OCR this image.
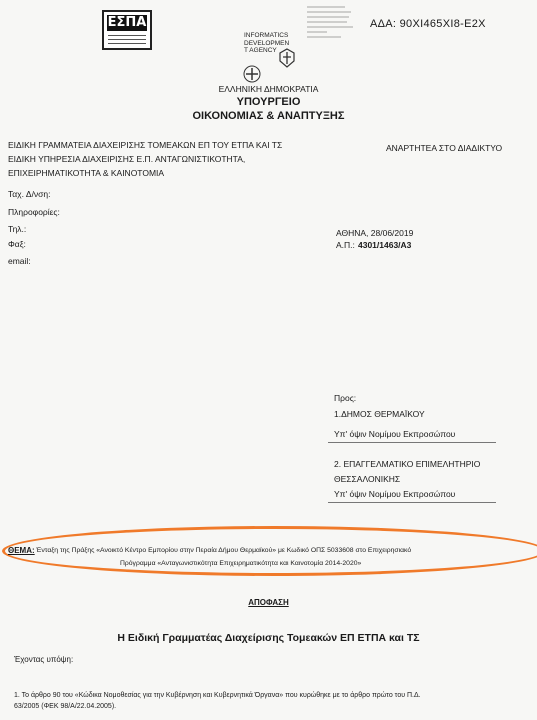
ΕΣΠΑ
INFORMATICS
DEVELOPMEN
T AGENCY
ΑΔΑ: 90ΧΙ465ΧΙ8-Ε2Χ
ΕΛΛΗΝΙΚΗ ΔΗΜΟΚΡΑΤΙΑ
ΥΠΟΥΡΓΕΙΟ
ΟΙΚΟΝΟΜΙΑΣ & ΑΝΑΠΤΥΞΗΣ
ΕΙΔΙΚΗ ΓΡΑΜΜΑΤΕΙΑ ΔΙΑΧΕΙΡΙΣΗΣ ΤΟΜΕΑΚΩΝ ΕΠ ΤΟΥ ΕΤΠΑ ΚΑΙ ΤΣ
ΕΙΔΙΚΗ ΥΠΗΡΕΣΙΑ ΔΙΑΧΕΙΡΙΣΗΣ Ε.Π. ΑΝΤΑΓΩΝΙΣΤΙΚΟΤΗΤΑ,
ΕΠΙΧΕΙΡΗΜΑΤΙΚΟΤΗΤΑ & ΚΑΙΝΟΤΟΜΙΑ
ΑΝΑΡΤΗΤΕΑ ΣΤΟ ΔΙΑΔΙΚΤΥΟ
Ταχ. Δ/νση:
Πληροφορίες:
Τηλ.:
Φαξ:
email:
ΑΘΗΝΑ, 28/06/2019
Α.Π.: 4301/1463/Α3
Προς:
1.ΔΗΜΟΣ ΘΕΡΜΑΪΚΟΥ
Υπ' όψιν Νομίμου Εκπροσώπου
2. ΕΠΑΓΓΕΛΜΑΤΙΚΟ ΕΠΙΜΕΛΗΤΗΡΙΟ
ΘΕΣΣΑΛΟΝΙΚΗΣ
Υπ' όψιν Νομίμου Εκπροσώπου
ΘΕΜΑ: Ένταξη της Πράξης «Ανοικτό Κέντρο Εμπορίου στην Περαία Δήμου Θερμαϊκού» με Κωδικό ΟΠΣ 5033608 στο Επιχειρησιακό
Πρόγραμμα «Ανταγωνιστικότητα Επιχειρηματικότητα και Καινοτομία 2014-2020»
ΑΠΟΦΑΣΗ
Η Ειδική Γραμματέας Διαχείρισης Τομεακών ΕΠ ΕΤΠΑ και ΤΣ
Έχοντας υπόψη:
1. Το άρθρο 90 του «Κώδικα Νομοθεσίας για την Κυβέρνηση και Κυβερνητικά Όργανα» που κυρώθηκε με το άρθρο πρώτο του Π.Δ.
63/2005 (ΦΕΚ 98/Α/22.04.2005).
